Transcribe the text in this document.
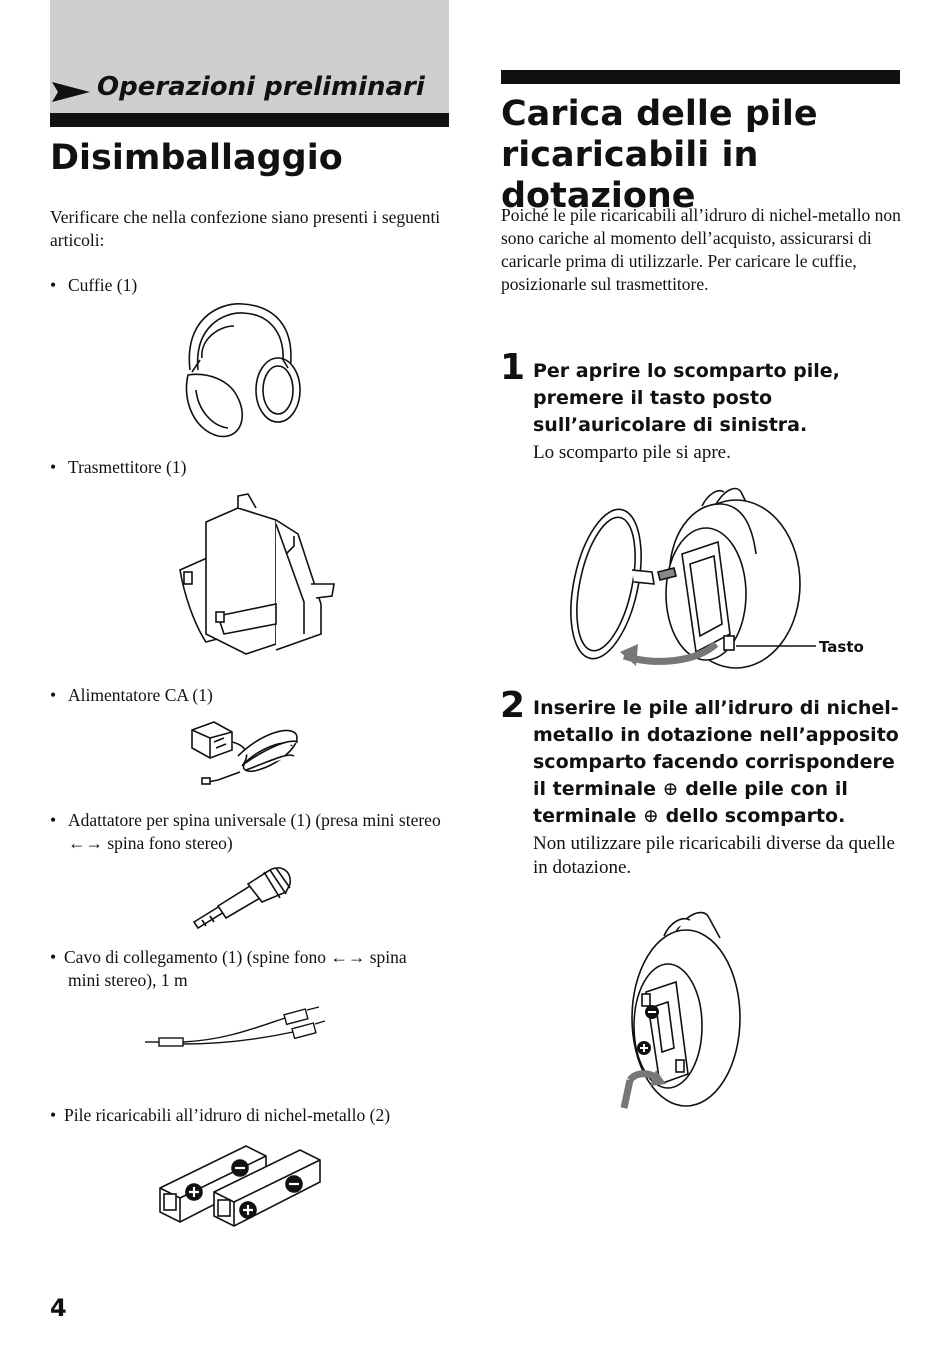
Operazioni preliminari
Disimballaggio
Verificare che nella confezione siano presenti i seguenti articoli:
• Cuffie (1)
• Trasmettitore (1)
• Alimentatore CA (1)
• Adattatore per spina universale (1) (presa mini stereo ←→ spina fono stereo)
• Cavo di collegamento (1) (spine fono ←→ spina
mini stereo), 1 m
• Pile ricaricabili all’idruro di nichel-metallo (2)
Carica delle pile ricaricabili in dotazione
Poiché le pile ricaricabili all’idruro di nichel-metallo non sono cariche al momento dell’acquisto, assicurarsi di caricarle prima di utilizzarle. Per caricare le cuffie, posizionarle sul trasmettitore.
1 Per aprire lo scomparto pile, premere il tasto posto sull’auricolare di sinistra.
Lo scomparto pile si apre.
Tasto
2 Inserire le pile all’idruro di nichel-metallo in dotazione nell’apposito scomparto facendo corrispondere il terminale ⊕ delle pile con il terminale ⊕ dello scomparto.
Non utilizzare pile ricaricabili diverse da quelle in dotazione.
4
